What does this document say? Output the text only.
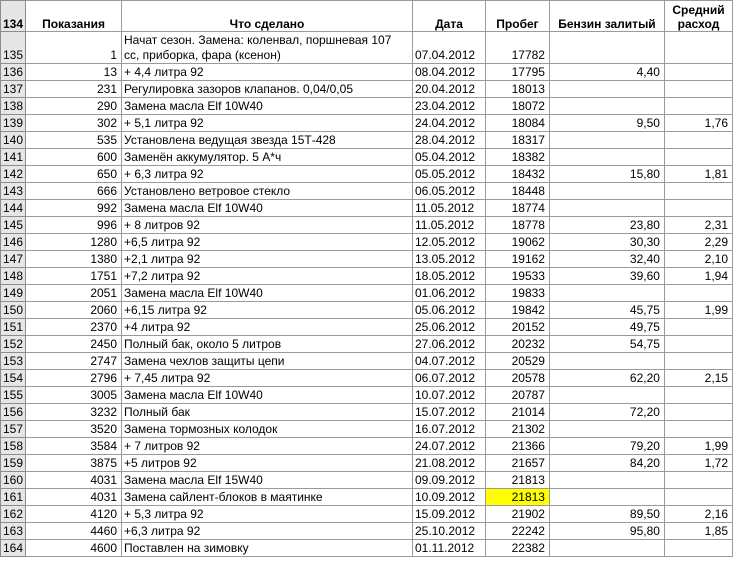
134	Показания	Что сделано	Дата	Пробег	Бензин залитый	Средний расход
135	1	Начат сезон. Замена: коленвал, поршневая 107 сс, приборка, фара (ксенон)	07.04.2012	17782		
136	13	+ 4,4 литра 92	08.04.2012	17795	4,40	
137	231	Регулировка зазоров клапанов. 0,04/0,05	20.04.2012	18013		
138	290	Замена масла Elf 10W40	23.04.2012	18072		
139	302	+ 5,1 литра 92	24.04.2012	18084	9,50	1,76
140	535	Установлена ведущая звезда 15Т-428	28.04.2012	18317		
141	600	Заменён аккумулятор. 5 А*ч	05.04.2012	18382		
142	650	+ 6,3 литра 92	05.05.2012	18432	15,80	1,81
143	666	Установлено ветровое стекло	06.05.2012	18448		
144	992	Замена масла Elf 10W40	11.05.2012	18774		
145	996	+ 8 литров 92	11.05.2012	18778	23,80	2,31
146	1280	+6,5 литра 92	12.05.2012	19062	30,30	2,29
147	1380	+2,1 литра 92	13.05.2012	19162	32,40	2,10
148	1751	+7,2 литра 92	18.05.2012	19533	39,60	1,94
149	2051	Замена масла Elf 10W40	01.06.2012	19833		
150	2060	+6,15 литра 92	05.06.2012	19842	45,75	1,99
151	2370	+4 литра 92	25.06.2012	20152	49,75	
152	2450	Полный бак, около 5 литров	27.06.2012	20232	54,75	
153	2747	Замена чехлов защиты цепи	04.07.2012	20529		
154	2796	+ 7,45 литра 92	06.07.2012	20578	62,20	2,15
155	3005	Замена масла Elf 10W40	10.07.2012	20787		
156	3232	Полный бак	15.07.2012	21014	72,20	
157	3520	Замена тормозных колодок	16.07.2012	21302		
158	3584	+ 7 литров 92	24.07.2012	21366	79,20	1,99
159	3875	+5 литров 92	21.08.2012	21657	84,20	1,72
160	4031	Замена масла Elf 15W40	09.09.2012	21813		
161	4031	Замена сайлент-блоков в маятинке	10.09.2012	21813		
162	4120	+ 5,3 литра 92	15.09.2012	21902	89,50	2,16
163	4460	+6,3 литра 92	25.10.2012	22242	95,80	1,85
164	4600	Поставлен на зимовку	01.11.2012	22382		
